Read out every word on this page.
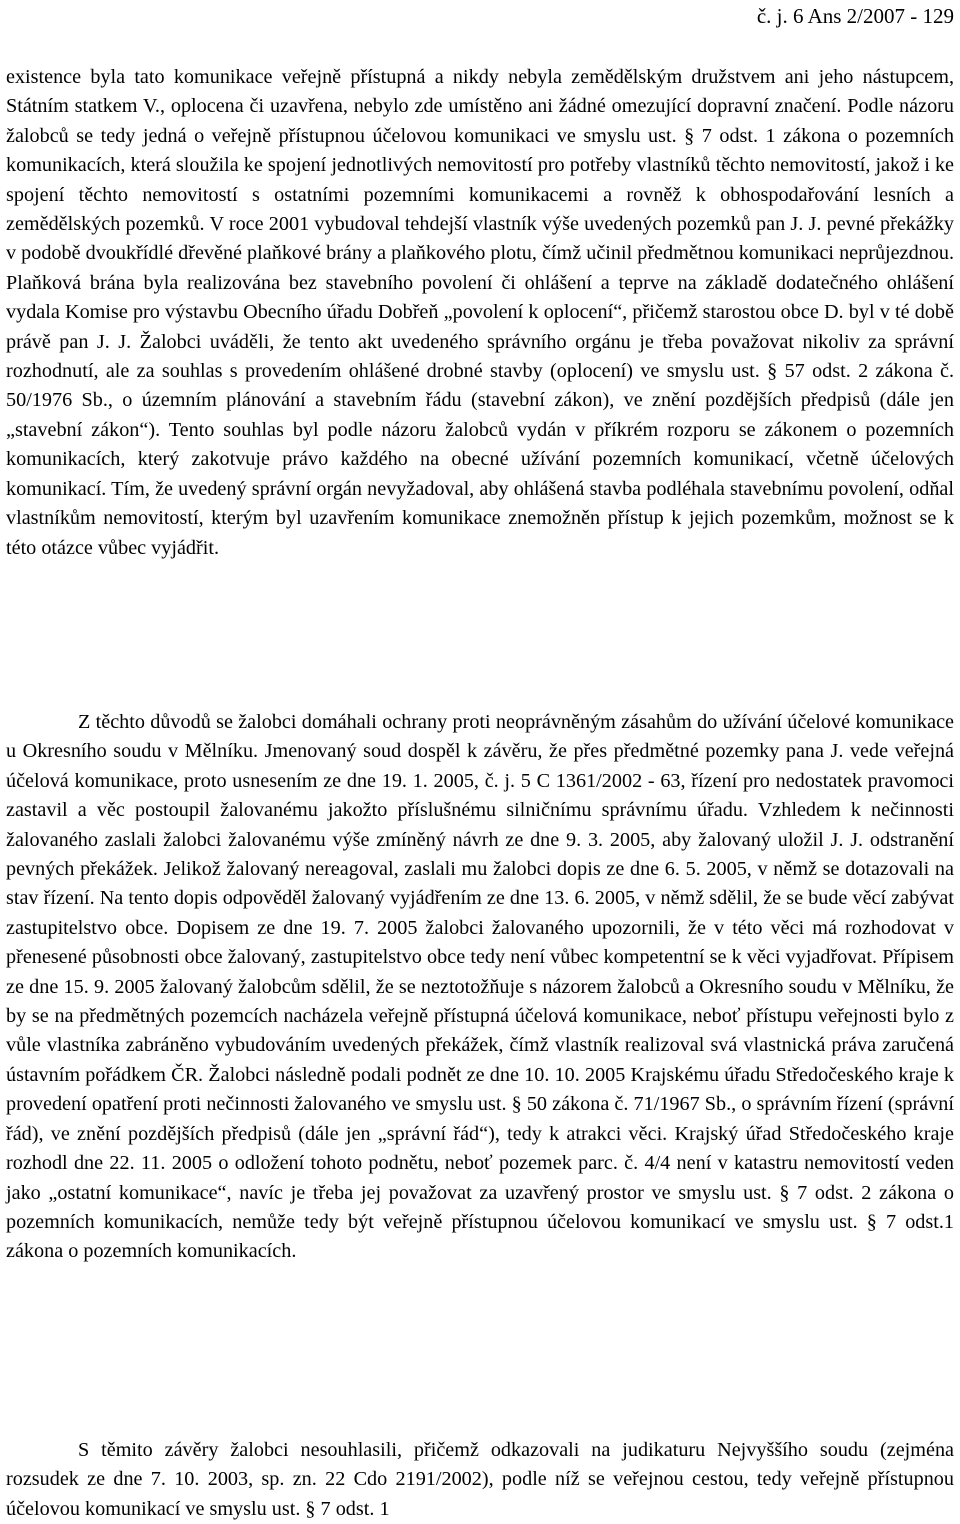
č. j. 6 Ans 2/2007 - 129

existence byla tato komunikace veřejně přístupná a nikdy nebyla zemědělským družstvem ani jeho nástupcem, Státním statkem V., oplocena či uzavřena, nebylo zde umístěno ani žádné omezující dopravní značení. Podle názoru žalobců se tedy jedná o veřejně přístupnou účelovou komunikaci ve smyslu ust. § 7 odst. 1 zákona o pozemních komunikacích, která sloužila ke spojení jednotlivých nemovitostí pro potřeby vlastníků těchto nemovitostí, jakož i ke spojení těchto nemovitostí s ostatními pozemními komunikacemi a rovněž k obhospodařování lesních a zemědělských pozemků. V roce 2001 vybudoval tehdejší vlastník výše uvedených pozemků pan J. J. pevné překážky v podobě dvoukřídlé dřevěné plaňkové brány a plaňkového plotu, čímž učinil předmětnou komunikaci neprůjezdnou. Plaňková brána byla realizována bez stavebního povolení či ohlášení a teprve na základě dodatečného ohlášení vydala Komise pro výstavbu Obecního úřadu Dobřeň „povolení k oplocení“, přičemž starostou obce D. byl v té době právě pan J. J. Žalobci uváděli, že tento akt uvedeného správního orgánu je třeba považovat nikoliv za správní rozhodnutí, ale za souhlas s provedením ohlášené drobné stavby (oplocení) ve smyslu ust. § 57 odst. 2 zákona č. 50/1976 Sb., o územním plánování a stavebním řádu (stavební zákon), ve znění pozdějších předpisů (dále jen „stavební zákon“). Tento souhlas byl podle názoru žalobců vydán v příkrém rozporu se zákonem o pozemních komunikacích, který zakotvuje právo každého na obecné užívání pozemních komunikací, včetně účelových komunikací. Tím, že uvedený správní orgán nevyžadoval, aby ohlášená stavba podléhala stavebnímu povolení, odňal vlastníkům nemovitostí, kterým byl uzavřením komunikace znemožněn přístup k jejich pozemkům, možnost se k této otázce vůbec vyjádřit.

Z těchto důvodů se žalobci domáhali ochrany proti neoprávněným zásahům do užívání účelové komunikace u Okresního soudu v Mělníku. Jmenovaný soud dospěl k závěru, že přes předmětné pozemky pana J. vede veřejná účelová komunikace, proto usnesením ze dne 19. 1. 2005, č. j. 5 C 1361/2002 - 63, řízení pro nedostatek pravomoci zastavil a věc postoupil žalovanému jakožto příslušnému silničnímu správnímu úřadu. Vzhledem k nečinnosti žalovaného zaslali žalobci žalovanému výše zmíněný návrh ze dne 9. 3. 2005, aby žalovaný uložil J. J. odstranění pevných překážek. Jelikož žalovaný nereagoval, zaslali mu žalobci dopis ze dne 6. 5. 2005, v němž se dotazovali na stav řízení. Na tento dopis odpověděl žalovaný vyjádřením ze dne 13. 6. 2005, v němž sdělil, že se bude věcí zabývat zastupitelstvo obce. Dopisem ze dne 19. 7. 2005 žalobci žalovaného upozornili, že v této věci má rozhodovat v přenesené působnosti obce žalovaný, zastupitelstvo obce tedy není vůbec kompetentní se k věci vyjadřovat. Přípisem ze dne 15. 9. 2005 žalovaný žalobcům sdělil, že se neztotožňuje s názorem žalobců a Okresního soudu v Mělníku, že by se na předmětných pozemcích nacházela veřejně přístupná účelová komunikace, neboť přístupu veřejnosti bylo z vůle vlastníka zabráněno vybudováním uvedených překážek, čímž vlastník realizoval svá vlastnická práva zaručená ústavním pořádkem ČR. Žalobci následně podali podnět ze dne 10. 10. 2005 Krajskému úřadu Středočeského kraje k provedení opatření proti nečinnosti žalovaného ve smyslu ust. § 50 zákona č. 71/1967 Sb., o správním řízení (správní řád), ve znění pozdějších předpisů (dále jen „správní řád“), tedy k atrakci věci. Krajský úřad Středočeského kraje rozhodl dne 22. 11. 2005 o odložení tohoto podnětu, neboť pozemek parc. č. 4/4 není v katastru nemovitostí veden jako „ostatní komunikace“, navíc je třeba jej považovat za uzavřený prostor ve smyslu ust. § 7 odst. 2 zákona o pozemních komunikacích, nemůže tedy být veřejně přístupnou účelovou komunikací ve smyslu ust. § 7 odst.1 zákona o pozemních komunikacích.

S těmito závěry žalobci nesouhlasili, přičemž odkazovali na judikaturu Nejvyššího soudu (zejména rozsudek ze dne 7. 10. 2003, sp. zn. 22 Cdo 2191/2002), podle níž se veřejnou cestou, tedy veřejně přístupnou účelovou komunikací ve smyslu ust. § 7 odst. 1
